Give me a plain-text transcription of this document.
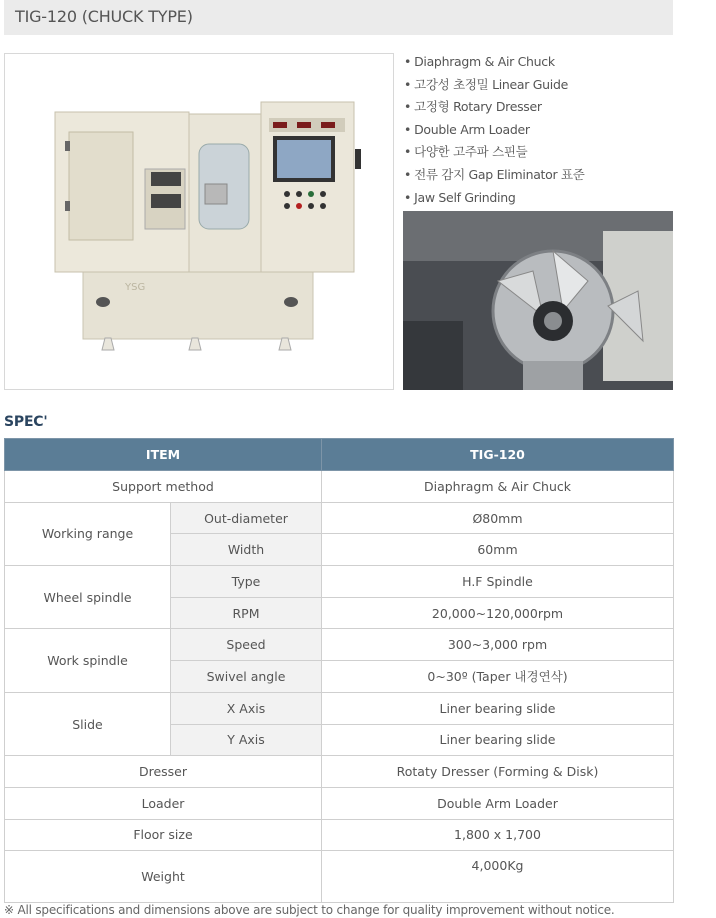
TIG-120 (CHUCK TYPE)
YSG
• Diaphragm & Air Chuck
• 고강성 초정밀 Linear Guide
• 고정형 Rotary Dresser
• Double Arm Loader
• 다양한 고주파 스핀들
• 전류 감지 Gap Eliminator 표준
• Jaw Self Grinding
SPEC'
ITEM		TIG-120
Support method		Diaphragm & Air Chuck
Working range	Out-diameter	Ø80mm
	Width	60mm
Wheel spindle	Type	H.F Spindle
	RPM	20,000~120,000rpm
Work spindle	Speed	300~3,000 rpm
	Swivel angle	0~30º (Taper 내경연삭)
Slide	X Axis	Liner bearing slide
	Y Axis	Liner bearing slide
Dresser		Rotaty Dresser (Forming & Disk)
Loader		Double Arm Loader
Floor size		1,800 x 1,700
Weight		4,000Kg
※ All specifications and dimensions above are subject to change for quality improvement without notice.
